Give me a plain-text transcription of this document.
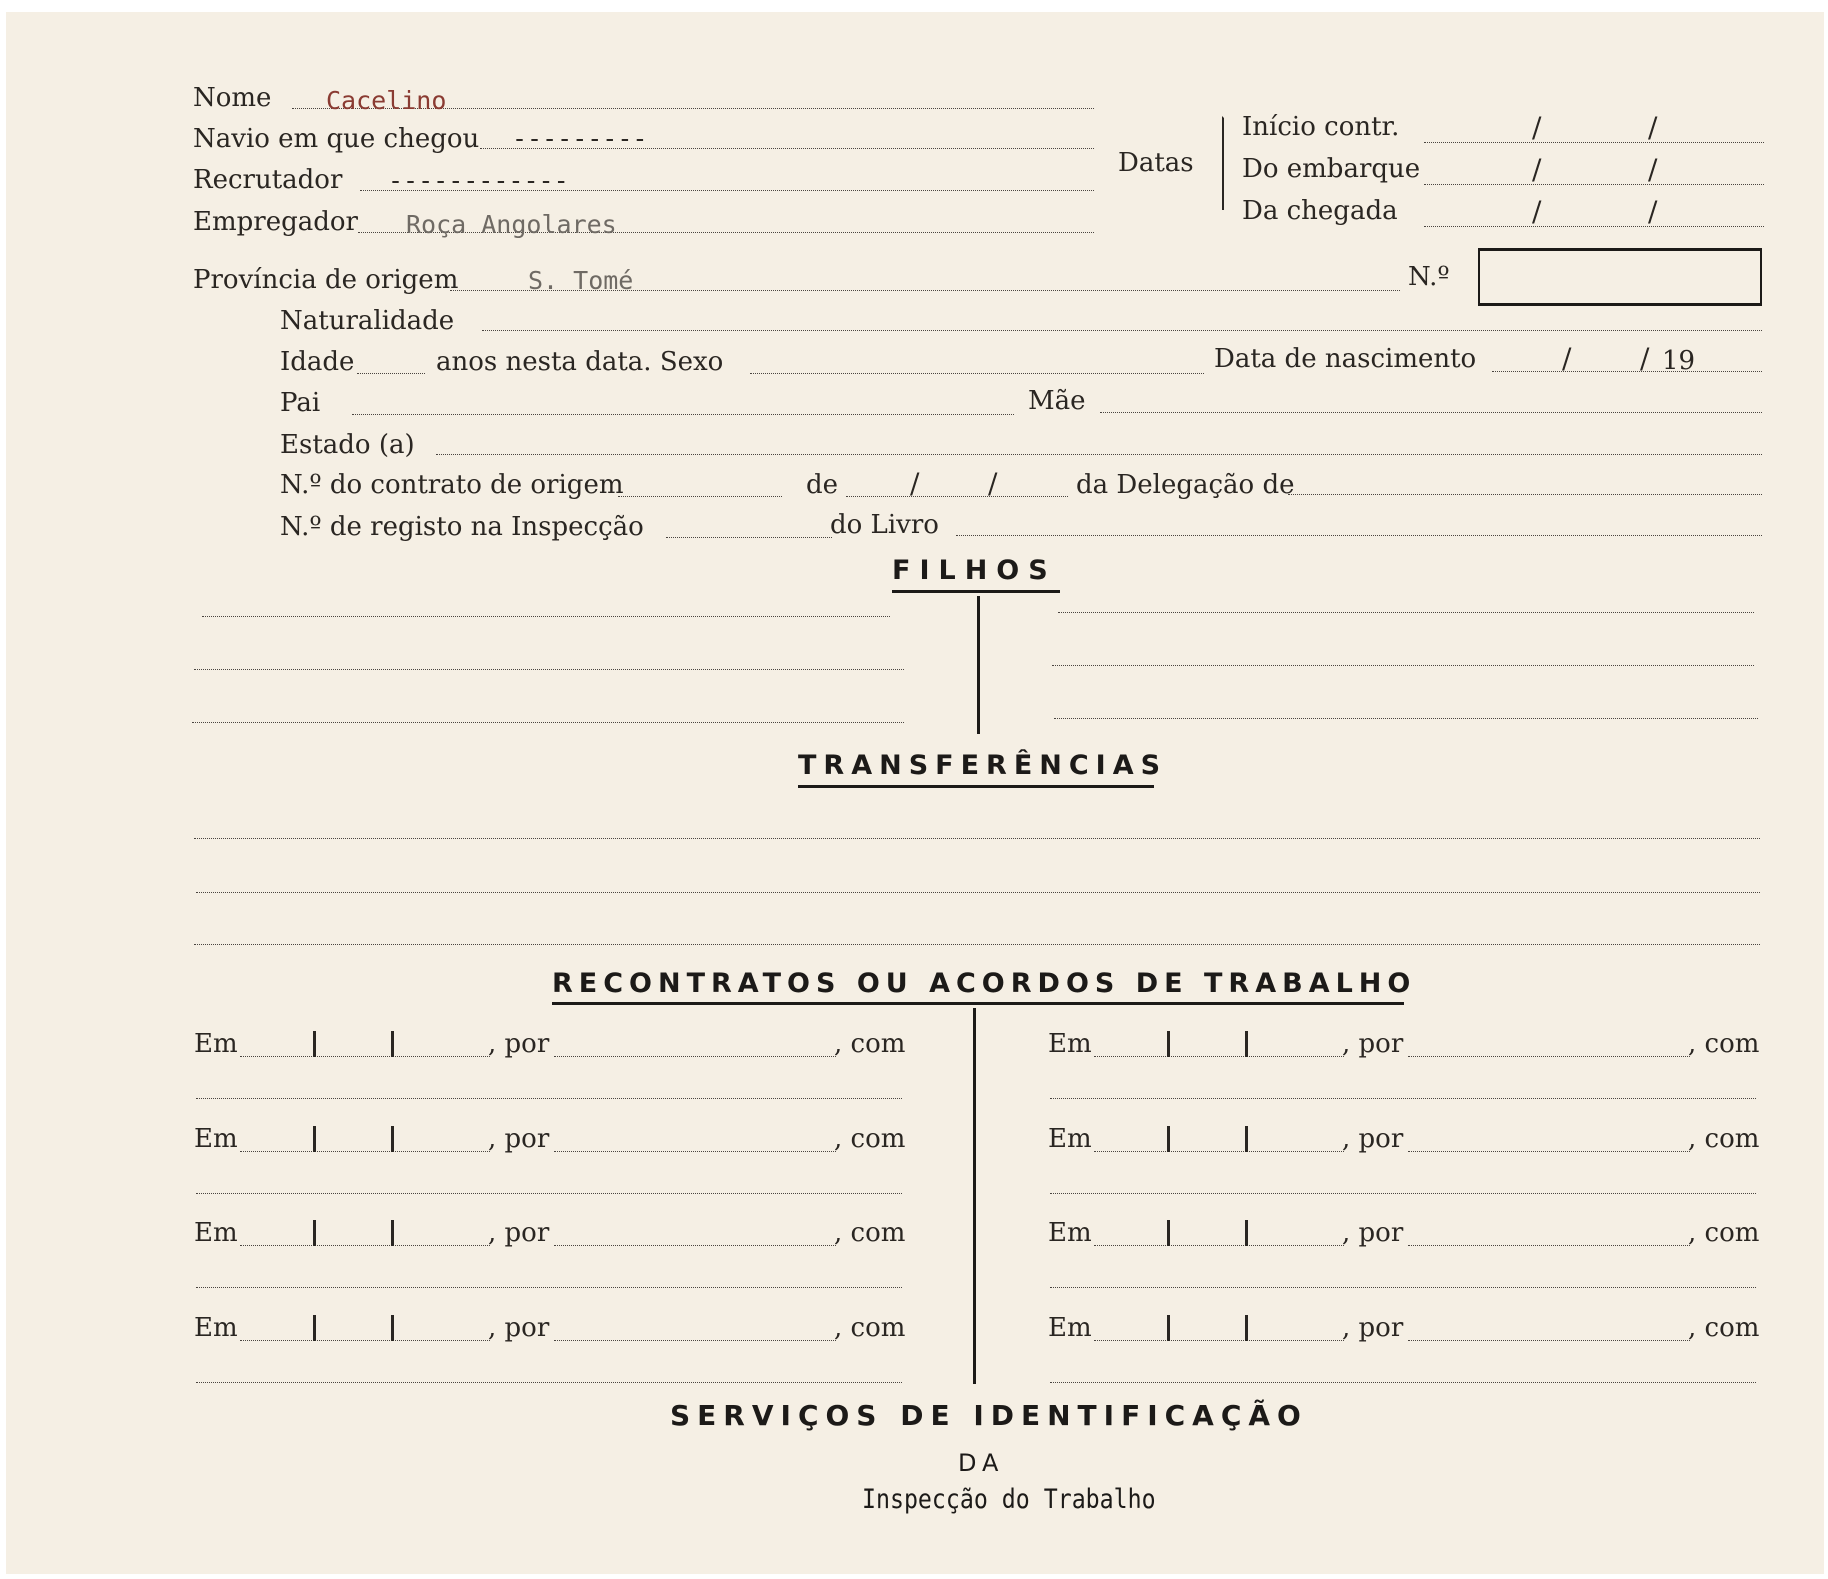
Nome Cacelino
Navio em que chegou ---------
Recrutador ------------
Empregador Roça Angolares
Datas
Início contr.	/	/
Do embarque	/	/
Da chegada	/	/
Província de origem	S. Tomé	N.º
Naturalidade
Idade	anos nesta data. Sexo	Data de nascimento	/ / 19
Pai	Mãe
Estado (a)
N.º do contrato de origem	de	/ /	da Delegação de
N.º de registo na Inspecção	do Livro
FILHOS
TRANSFERÊNCIAS
RECONTRATOS OU ACORDOS DE TRABALHO
Em	, por	, com
Em	, por	, com
Em	, por	, com
Em	, por	, com
Em	, por	, com
Em	, por	, com
Em	, por	, com
Em	, por	, com
SERVIÇOS DE IDENTIFICAÇÃO
DA
Inspecção do Trabalho
